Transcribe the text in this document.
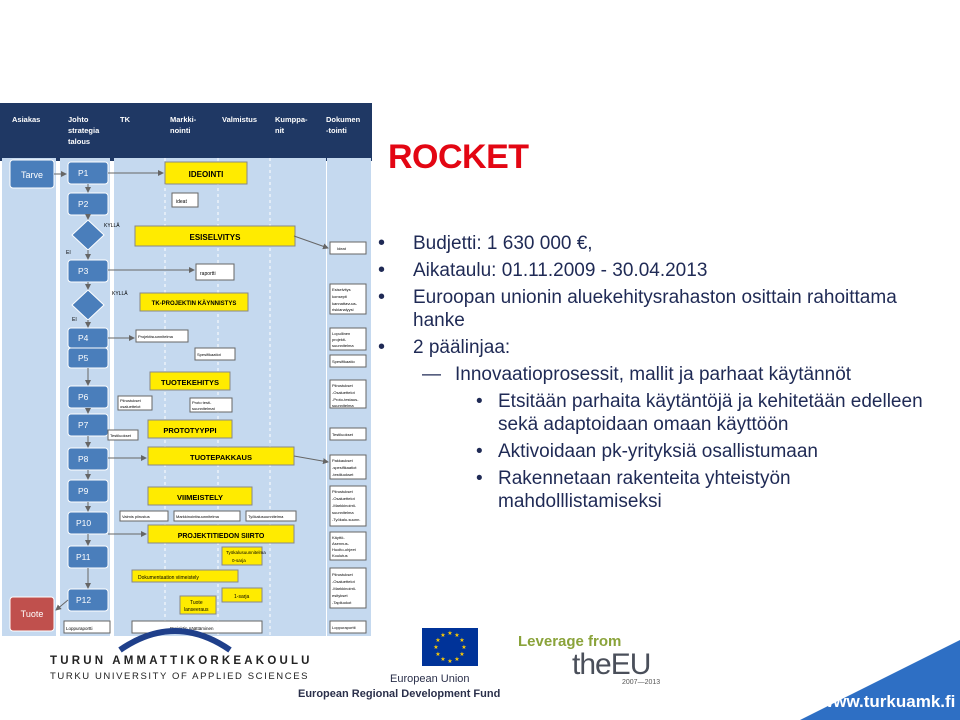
Asiakas	Johto
strategia
talous
TK	Markki-
nointi
Valmistus Kumppa-
nit
Dokumen
-tointi
Tarve
Tuote
P1
P2
P3
P4
P5
P6
P7
P8
P9
P10
P11
P12
KYLLÄ
EI
KYLLÄ
EI
IDEOINTI
ESISELVITYS
TK-PROJEKTIN KÄYNNISTYS
TUOTEKEHITYS
PROTOTYYPPI
TUOTEPAKKAUS
VIIMEISTELY
PROJEKTITIEDON SIIRTO
ideat
raportti
Projektisuunnitelma
Spesifikaatiot
Piirustukset
osaluettelot
Proto testi-
suunnitelmat
Testiluokset
Valmis piirustus	Markkinointisuunnitelma	Työkalusuunnitelma
Työkalusuunnitelma
0-sarja
Dokumentaation viimeistely
Tuote
lanseeraus
1-sarja
Loppuraportti	Projektin päättäminen
Ideat
Esiselvitys
konsepti
kannattavuus-
riskianalyysi
Lopullinen
projekti-
suunnitelma
Spesifikaatio
Piirustukset
-Osaluettelot
-Proto-testaus-
suunnitelma
Testiluokset
Pakkaukset
-spesifikaatiot
-testiluokset
Piirustukset
-Osaluettelot
-Markkinointi-
suunnitelma
-Työkalu-suunn.
Käyttö-
Asennus-
Huolto-ohjeet
Koulutus
Piirustukset
-Osaluettelot
-Markkinointi-
esitykset
-Tapiluokot
Loppuraportti
★ ★
★
★
★
★
★
★
★
★
★
★
ROCKET
• Budjetti: 1 630 000 €,
• Aikataulu: 01.11.2009 - 30.04.2013
• Euroopan unionin aluekehitysrahaston osittain rahoittama hanke
• 2 päälinjaa:
— Innovaatioprosessit, mallit ja parhaat käytännöt
• Etsitään parhaita käytäntöjä ja kehitetään edelleen sekä adaptoidaan omaan käyttöön
• Aktivoidaan pk-yrityksiä osallistumaan
• Rakennetaan rakenteita yhteistyön mahdolllistamiseksi
TURUN AMMATTIKORKEAKOULU
TURKU UNIVERSITY OF APPLIED SCIENCES	European Union
European Regional Development Fund
Leverage from
theEU
2007—2013
www.turkuamk.fi
